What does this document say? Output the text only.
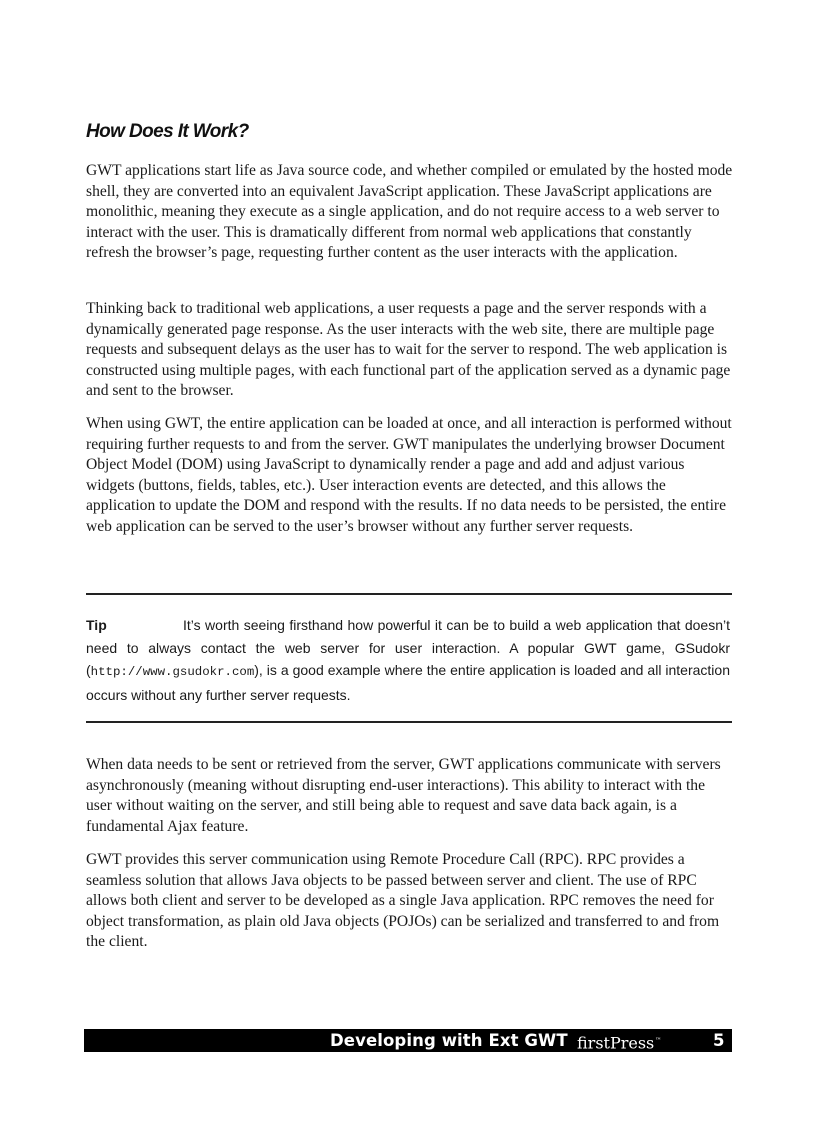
How Does It Work?

GWT applications start life as Java source code, and whether compiled or emulated by the hosted mode shell, they are converted into an equivalent JavaScript application. These JavaScript applications are monolithic, meaning they execute as a single application, and do not require access to a web server to interact with the user. This is dramatically different from normal web applications that constantly refresh the browser’s page, requesting further content as the user interacts with the application.

Thinking back to traditional web applications, a user requests a page and the server responds with a dynamically generated page response. As the user interacts with the web site, there are multiple page requests and subsequent delays as the user has to wait for the server to respond. The web application is constructed using multiple pages, with each functional part of the application served as a dynamic page and sent to the browser.

When using GWT, the entire application can be loaded at once, and all interaction is performed without requiring further requests to and from the server. GWT manipulates the underlying browser Document Object Model (DOM) using JavaScript to dynamically render a page and add and adjust various widgets (buttons, fields, tables, etc.). User interaction events are detected, and this allows the application to update the DOM and respond with the results. If no data needs to be persisted, the entire web application can be served to the user’s browser without any further server requests.

Tip	It’s worth seeing firsthand how powerful it can be to build a web application that doesn’t need to always contact the web server for user interaction. A popular GWT game, GSudokr (http://www.gsudokr.com), is a good example where the entire application is loaded and all interaction occurs without any further server requests.

When data needs to be sent or retrieved from the server, GWT applications communicate with servers asynchronously (meaning without disrupting end-user interactions). This ability to interact with the user without waiting on the server, and still being able to request and save data back again, is a fundamental Ajax feature.

GWT provides this server communication using Remote Procedure Call (RPC). RPC provides a seamless solution that allows Java objects to be passed between server and client. The use of RPC allows both client and server to be developed as a single Java application. RPC removes the need for object transformation, as plain old Java objects (POJOs) can be serialized and transferred to and from the client.

Developing with Ext GWT firstPress™	5
